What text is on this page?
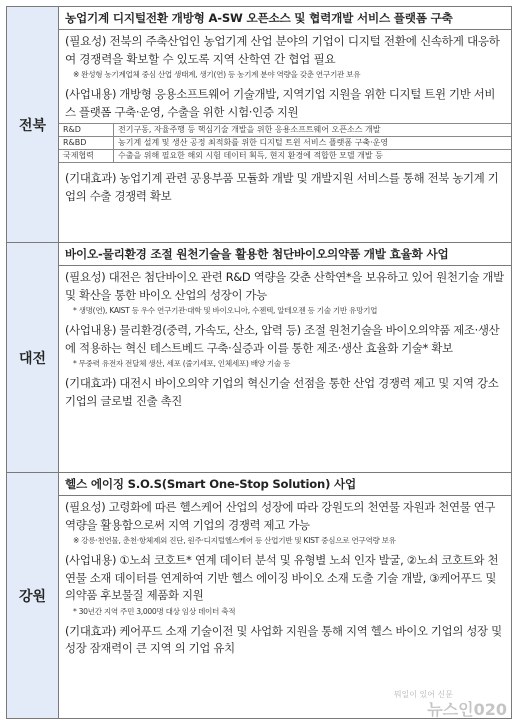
전북
농업기계 디지털전환 개방형 A-SW 오픈소스 및 협력개발 서비스 플랫폼 구축
(필요성) 전북의 주축산업인 농업기계 산업 분야의 기업이 디지털 전환에 신속하게 대응하여 경쟁력을 확보할 수 있도록 지역 산학연 간 협업 필요
※ 완성형 농기계업체 중심 산업 생태계, 생기(연) 등 농기계 분야 역량을 갖춘 연구기관 보유
(사업내용) 개방형 응용소프트웨어 기술개발, 지역기업 지원을 위한 디지털 트윈 기반 서비스 플랫폼 구축·운영, 수출을 위한 시험·인증 지원
R&D	전기구동, 자율주행 등 핵심기술 개발을 위한 응용소프트웨어 오픈소스 개발
R&BD	농기계 설계 및 생산 공정 최적화를 위한 디지털 트윈 서비스 플랫폼 구축·운영
국제협력	수출을 위해 필요한 해외 시험 데이터 획득, 현지 환경에 적합한 모델 개발 등
(기대효과) 농업기계 관련 공용부품 모듈화 개발 및 개발지원 서비스를 통해 전북 농기계 기업의 수출 경쟁력 확보
대전
바이오-물리환경 조절 원천기술을 활용한 첨단바이오의약품 개발 효율화 사업
(필요성) 대전은 첨단바이오 관련 R&D 역량을 갖춘 산학연*을 보유하고 있어 원천기술 개발 및 확산을 통한 바이오 산업의 성장이 가능
* 생명(연), KAIST 등 우수 연구기관·대학 및 바이오니아, 수젠텍, 알테오젠 등 기술 기반 유망기업
(사업내용) 물리환경(중력, 가속도, 산소, 압력 등) 조절 원천기술을 바이오의약품 제조·생산에 적용하는 혁신 테스트베드 구축·실증과 이를 통한 제조·생산 효율화 기술* 확보
* 무중력 유전자 전달체 생산, 세포 (줄기세포, 인체세포) 배양 기술 등
(기대효과) 대전시 바이오의약 기업의 혁신기술 선점을 통한 산업 경쟁력 제고 및 지역 강소기업의 글로벌 진출 촉진
강원
헬스 에이징 S.O.S(Smart One-Stop Solution) 사업
(필요성) 고령화에 따른 헬스케어 산업의 성장에 따라 강원도의 천연물 자원과 천연물 연구역량을 활용함으로써 지역 기업의 경쟁력 제고 가능
※ 강릉·천연물, 춘천·항체제외 진단, 원주·디지털헬스케어 등 산업기반 및 KIST 중심으로 연구역량 보유
(사업내용) ①노쇠 코호트* 연계 데이터 분석 및 유형별 노쇠 인자 발굴, ②노쇠 코호트와 천연물 소재 데이터를 연계하여 기반 헬스 에이징 바이오 소재 도출 기술 개발, ③케어푸드 및 의약품 후보물질 제품화 지원
* 30년간 지역 주민 3,000명 대상 임상 데이터 축적
(기대효과) 케어푸드 소재 기술이전 및 사업화 지원을 통해 지역 헬스 바이오 기업의 성장 및 성장 잠재력이 큰 지역 의 기업 유치
뭐일이 있어 신문
뉴스인020
